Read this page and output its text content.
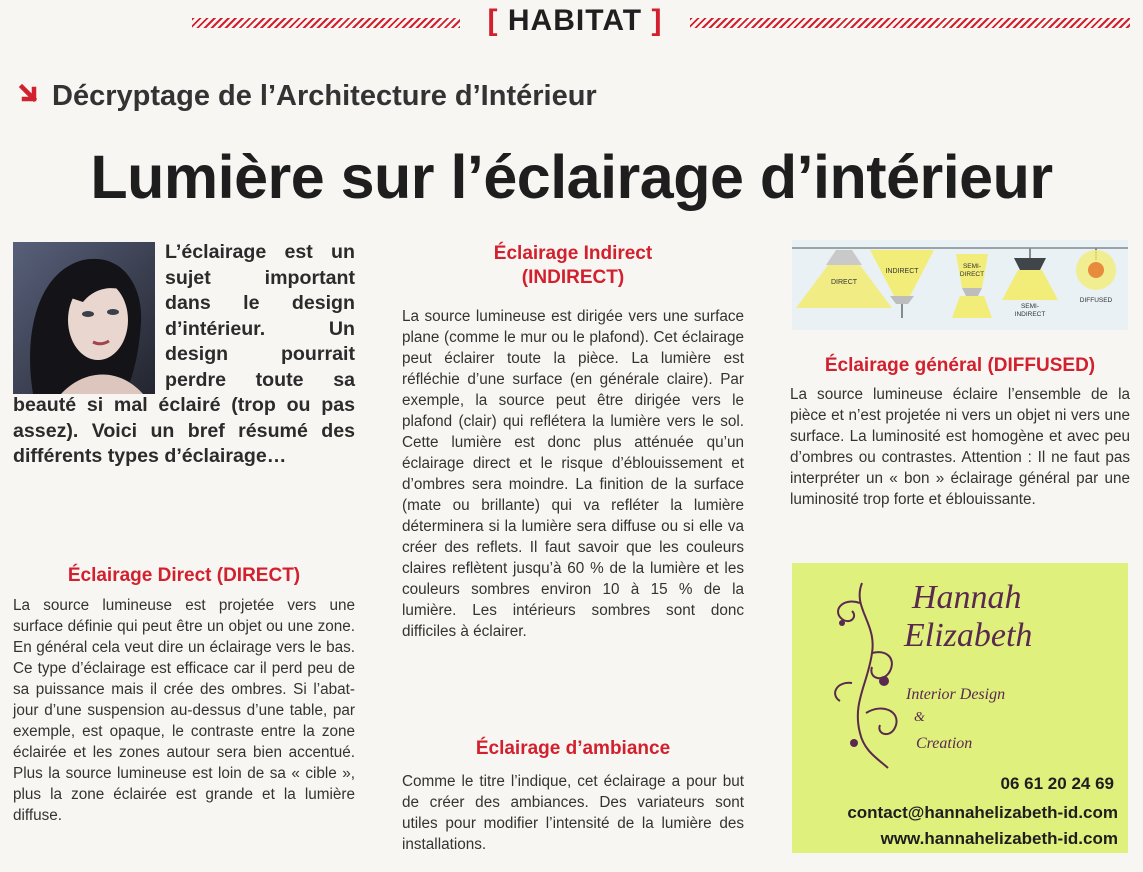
[ HABITAT ]
Décryptage de l’Architecture d’Intérieur
Lumière sur l’éclairage d’intérieur
L’éclairage est un sujet important dans le design d’intérieur. Un design pourrait perdre toute sa beauté si mal éclairé (trop ou pas assez). Voici un bref résumé des différents types d’éclairage…
Éclairage Direct (DIRECT)
La source lumineuse est projetée vers une surface définie qui peut être un objet ou une zone. En général cela veut dire un éclairage vers le bas. Ce type d’éclairage est efficace car il perd peu de sa puissance mais il crée des ombres. Si l’abat-jour d’une suspension au-dessus d’une table, par exemple, est opaque, le contraste entre la zone éclairée et les zones autour sera bien accentué. Plus la source lumineuse est loin de sa « cible », plus la zone éclairée est grande et la lumière diffuse.
Éclairage Indirect
(INDIRECT)
La source lumineuse est dirigée vers une surface plane (comme le mur ou le plafond). Cet éclairage peut éclairer toute la pièce. La lumière est réfléchie d’une surface (en générale claire). Par exemple, la source peut être dirigée vers le plafond (clair) qui reflétera la lumière vers le sol. Cette lumière est donc plus atténuée qu’un éclairage direct et le risque d’éblouissement et d’ombres sera moindre. La finition de la surface (mate ou brillante) qui va refléter la lumière déterminera si la lumière sera diffuse ou si elle va créer des reflets. Il faut savoir que les couleurs claires reflètent jusqu’à 60 % de la lumière et les couleurs sombres environ 10 à 15 % de la lumière. Les intérieurs sombres sont donc difficiles à éclairer.
Éclairage d’ambiance
Comme le titre l’indique, cet éclairage a pour but de créer des ambiances. Des variateurs sont utiles pour modifier l’intensité de la lumière des installations.
DIRECT
INDIRECT
SEMI-
DIRECT
SEMI-
INDIRECT
DIFFUSED
Éclairage général (DIFFUSED)
La source lumineuse éclaire l’ensemble de la pièce et n’est projetée ni vers un objet ni vers une surface. La luminosité est homogène et avec peu d’ombres ou contrastes. Attention : Il ne faut pas interpréter un « bon » éclairage général par une luminosité trop forte et éblouissante.
Hannah
Elizabeth
Interior Design
&
Creation
06 61 20 24 69
contact@hannahelizabeth-id.com
www.hannahelizabeth-id.com
